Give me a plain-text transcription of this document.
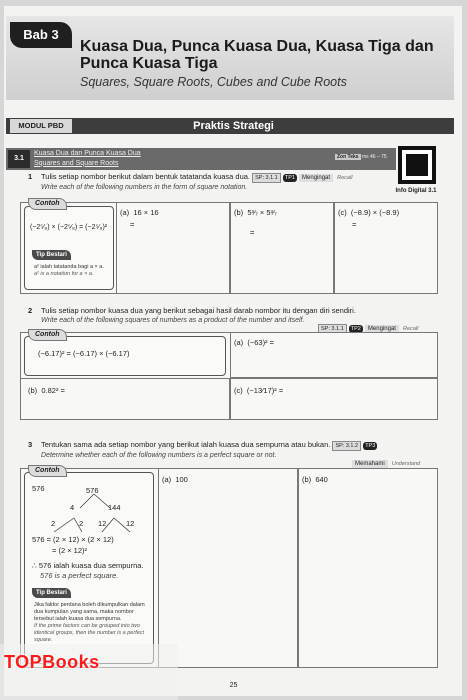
Bab 3
Kuasa Dua, Punca Kuasa Dua, Kuasa Tiga dan Punca Kuasa Tiga
Squares, Square Roots, Cubes and Cube Roots
MODUL PBD	Praktis Strategi
3.1
Kuasa Dua dan Punca Kuasa Dua
Squares and Square Roots
Zon Teks ms 46 – 75
Info Digital 3.1
1	Tulis setiap nombor berikut dalam bentuk tatatanda kuasa dua. SP: 3.1.1 TP1 Mengingat Recall
Write each of the following numbers in the form of square notation.
Contoh
(−2⁵⁄₈) × (−2⁵⁄₈) = (−2⁵⁄₈)²
Tip Bestari
a² ialah tatatanda bagi a × a.
a² is a notation for a × a.
(a) 16 × 16
=
(b) 5³⁄₇ × 5³⁄₇
=
(c) (−8.9) × (−8.9)
=
2	Tulis setiap nombor kuasa dua yang berikut sebagai hasil darab nombor itu dengan diri sendiri.
Write each of the following squares of numbers as a product of the number and itself.
SP: 3.1.1 TP2 Mengingat Recall
Contoh
(−6.17)² = (−6.17) × (−6.17)
(a) (−63)² =
(b) 0.82² =	(c) (−13⁄17)² =
3	Tentukan sama ada setiap nombor yang berikut ialah kuasa dua sempurna atau bukan. SP: 3.1.2 TP3
Determine whether each of the following numbers is a perfect square or not.
Memahami Understand
Contoh
576	576
4	144
2	2 12	12
576 = (2 × 12) × (2 × 12)
= (2 × 12)²
∴ 576 ialah kuasa dua sempurna.
576 is a perfect square.
Tip Bestari
Jika faktor perdana boleh dikumpulkan dalam dua kumpulan yang sama, maka nombor tersebut ialah kuasa dua sempurna.
If the prime factors can be grouped into two identical groups, then the number is a perfect square.
(a) 100	(b) 640
TOPBooks
25
